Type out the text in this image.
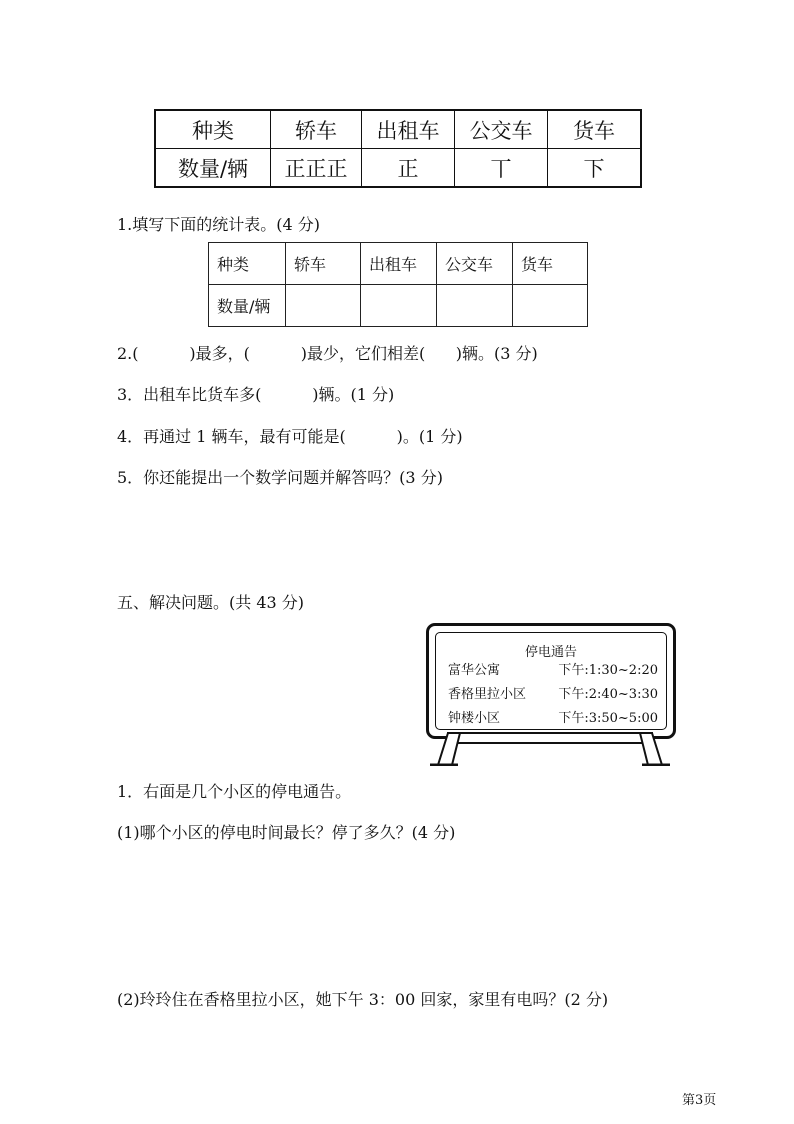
种类	轿车	出租车	公交车	货车
数量/辆	正正正	正	丅	下
1.填写下面的统计表。(4 分)
种类	轿车	出租车	公交车	货车
数量/辆				
2.(          )最多，(          )最少，它们相差(      )辆。(3 分)
3．出租车比货车多(          )辆。(1 分)
4．再通过 1 辆车，最有可能是(          )。(1 分)
5．你还能提出一个数学问题并解答吗？(3 分)
五、解决问题。(共 43 分)
停电通告
富华公寓	下午:1:30~2:20
香格里拉小区 下午:2:40~3:30
钟楼小区	下午:3:50~5:00
1．右面是几个小区的停电通告。
(1)哪个小区的停电时间最长？停了多久？(4 分)
(2)玲玲住在香格里拉小区，她下午 3：00 回家，家里有电吗？(2 分)
第3页
